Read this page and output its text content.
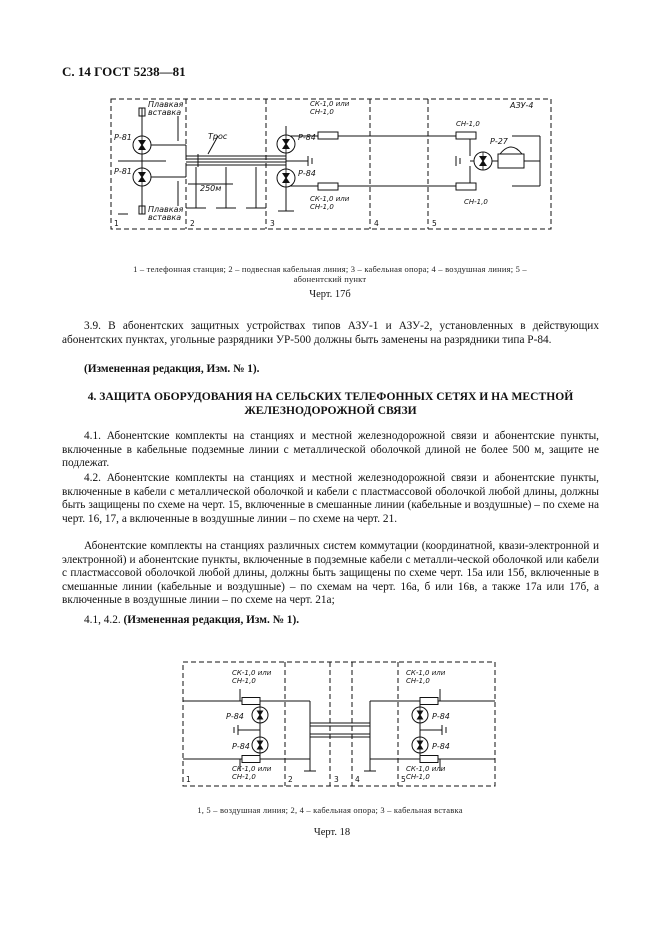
С. 14 ГОСТ 5238—81
Плавкая
вставка
Плавкая
вставка
Р-81
Р-81
Трос
250м
СК-1,0 или
СН-1,0
СК-1,0 или
СН-1,0
Р-84
Р-84
АЗУ-4
СН-1,0
СН-1,0
Р-27
1	2	3	4	5
1 – телефонная станция; 2 – подвесная кабельная линия; 3 – кабельная опора; 4 – воздушная линия; 5 – абонентский пункт
Черт. 17б

3.9. В абонентских защитных устройствах типов АЗУ-1 и АЗУ-2, установленных в действующих абонентских пунктах, угольные разрядники УР-500 должны быть заменены на разрядники типа Р-84.

(Измененная редакция, Изм. № 1).

4. ЗАЩИТА ОБОРУДОВАНИЯ НА СЕЛЬСКИХ ТЕЛЕФОННЫХ СЕТЯХ И НА МЕСТНОЙ ЖЕЛЕЗНОДОРОЖНОЙ СВЯЗИ

4.1. Абонентские комплекты на станциях и местной железнодорожной связи и абонентские пункты, включенные в кабельные подземные линии с металлической оболочкой длиной не более 500 м, защите не подлежат.

4.2. Абонентские комплекты на станциях и местной железнодорожной связи и абонентские пункты, включенные в кабели с металлической оболочкой и кабели с пластмассовой оболочкой любой длины, должны быть защищены по схеме на черт. 15, включенные в смешанные линии (кабельные и воздушные) – по схеме на черт. 16, 17, а включенные в воздушные линии – по схеме на черт. 21.

Абонентские комплекты на станциях различных систем коммутации (координатной, квази-электронной и электронной) и абонентские пункты, включенные в подземные кабели с металли-ческой оболочкой или кабели с пластмассовой оболочкой любой длины, должны быть защищены по схеме черт. 15а или 15б, включенные в смешанные линии (кабельные и воздушные) – по схемам на черт. 16а, б или 16в, а также 17а или 17б, а включенные в воздушные линии – по схеме на черт. 21а;

4.1, 4.2. (Измененная редакция, Изм. № 1).

СК-1,0 или
СН-1,0
СК-1,0 или
СН-1,0
СК-1,0 или
СН-1,0
СК-1,0 или
СН-1,0
Р-84
Р-84
Р-84
Р-84
1	2	3 4	5
1, 5 – воздушная линия; 2, 4 – кабельная опора; 3 – кабельная вставка
Черт. 18
